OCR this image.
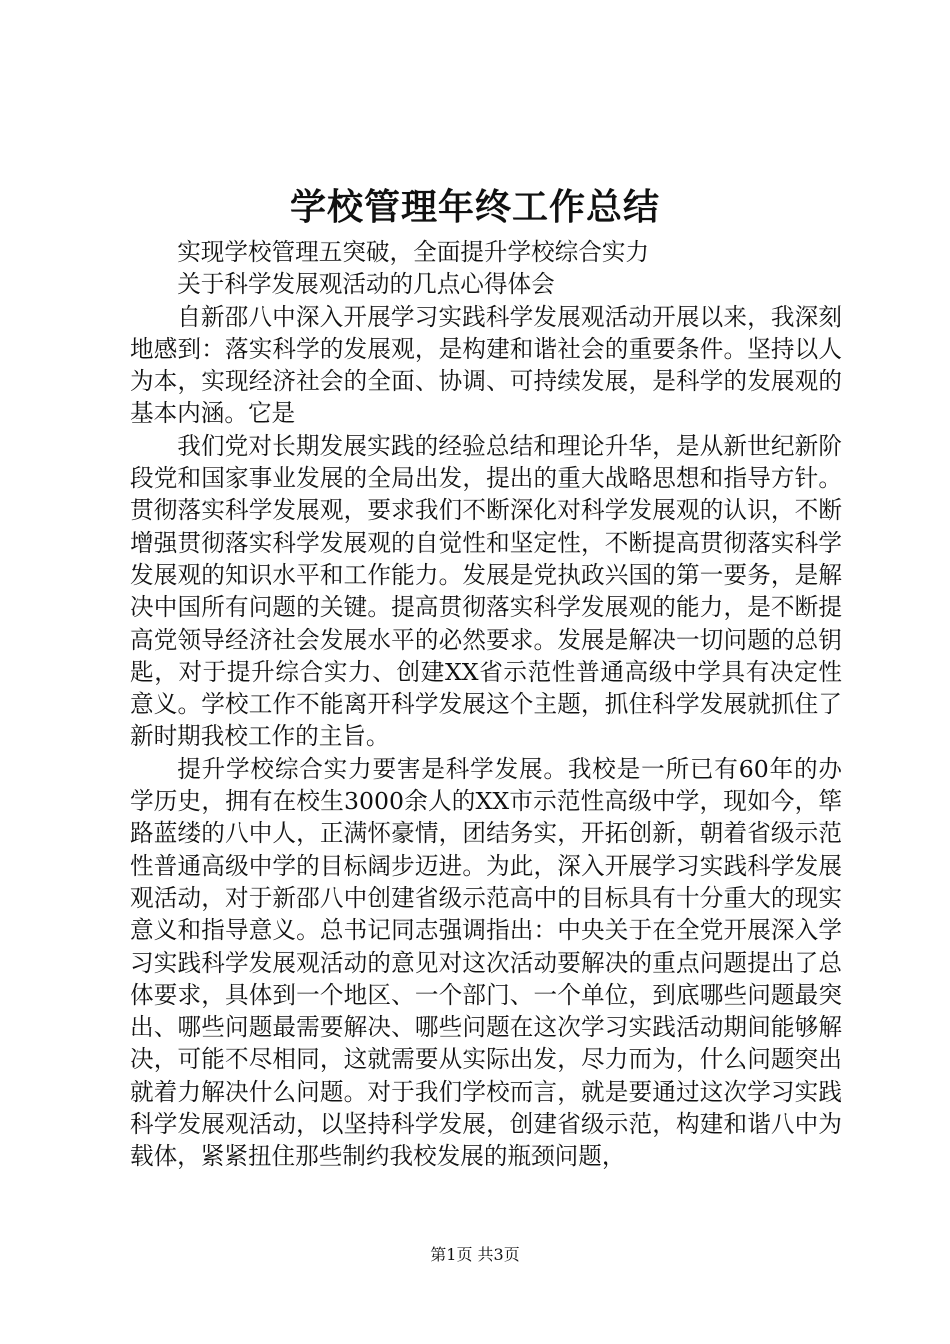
学校管理年终工作总结

实现学校管理五突破，全面提升学校综合实力

关于科学发展观活动的几点心得体会

自新邵八中深入开展学习实践科学发展观活动开展以来，我深刻地感到：落实科学的发展观，是构建和谐社会的重要条件。坚持以人为本，实现经济社会的全面、协调、可持续发展，是科学的发展观的基本内涵。它是

我们党对长期发展实践的经验总结和理论升华，是从新世纪新阶段党和国家事业发展的全局出发，提出的重大战略思想和指导方针。贯彻落实科学发展观，要求我们不断深化对科学发展观的认识，不断增强贯彻落实科学发展观的自觉性和坚定性，不断提高贯彻落实科学发展观的知识水平和工作能力。发展是党执政兴国的第一要务，是解决中国所有问题的关键。提高贯彻落实科学发展观的能力，是不断提高党领导经济社会发展水平的必然要求。发展是解决一切问题的总钥匙，对于提升综合实力、创建XX省示范性普通高级中学具有决定性意义。学校工作不能离开科学发展这个主题，抓住科学发展就抓住了新时期我校工作的主旨。

提升学校综合实力要害是科学发展。我校是一所已有60年的办学历史，拥有在校生3000余人的XX市示范性高级中学，现如今，筚路蓝缕的八中人，正满怀豪情，团结务实，开拓创新，朝着省级示范性普通高级中学的目标阔步迈进。为此，深入开展学习实践科学发展观活动，对于新邵八中创建省级示范高中的目标具有十分重大的现实意义和指导意义。总书记同志强调指出：中央关于在全党开展深入学习实践科学发展观活动的意见对这次活动要解决的重点问题提出了总体要求，具体到一个地区、一个部门、一个单位，到底哪些问题最突出、哪些问题最需要解决、哪些问题在这次学习实践活动期间能够解决，可能不尽相同，这就需要从实际出发，尽力而为，什么问题突出就着力解决什么问题。对于我们学校而言，就是要通过这次学习实践科学发展观活动，以坚持科学发展，创建省级示范，构建和谐八中为载体，紧紧扭住那些制约我校发展的瓶颈问题，

第1页 共3页
